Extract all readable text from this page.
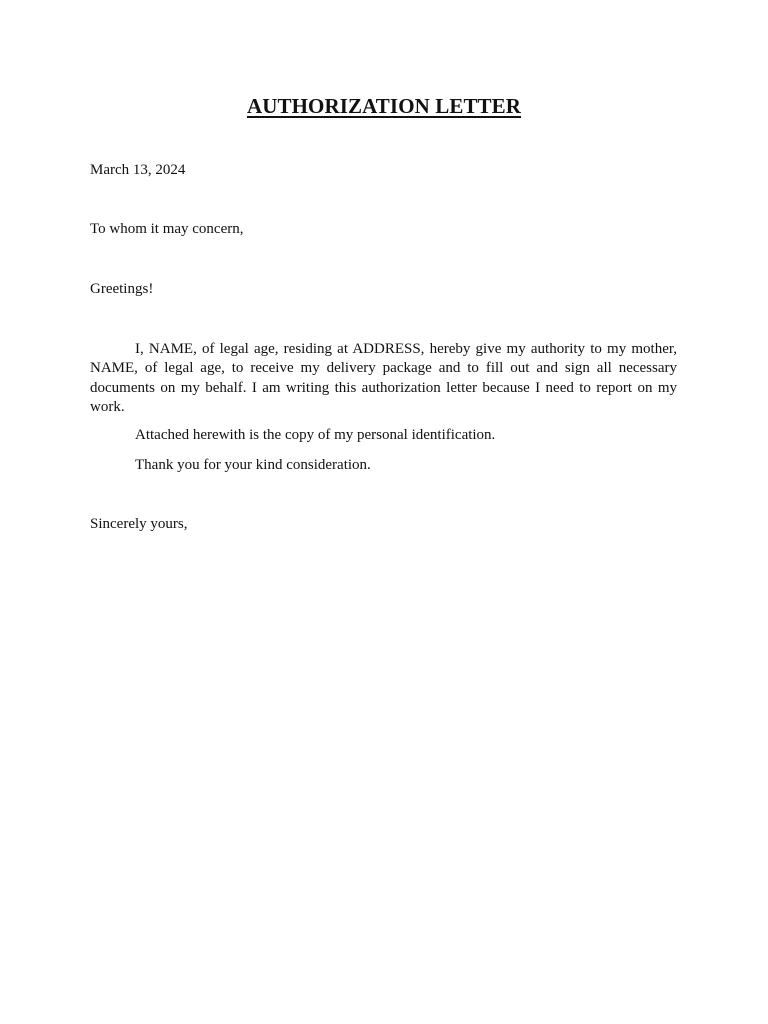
AUTHORIZATION LETTER

March 13, 2024

To whom it may concern,

Greetings!

I, NAME, of legal age, residing at ADDRESS, hereby give my authority to my mother, NAME, of legal age, to receive my delivery package and to fill out and sign all necessary documents on my behalf. I am writing this authorization letter because I need to report on my work.

Attached herewith is the copy of my personal identification.

Thank you for your kind consideration.

Sincerely yours,
